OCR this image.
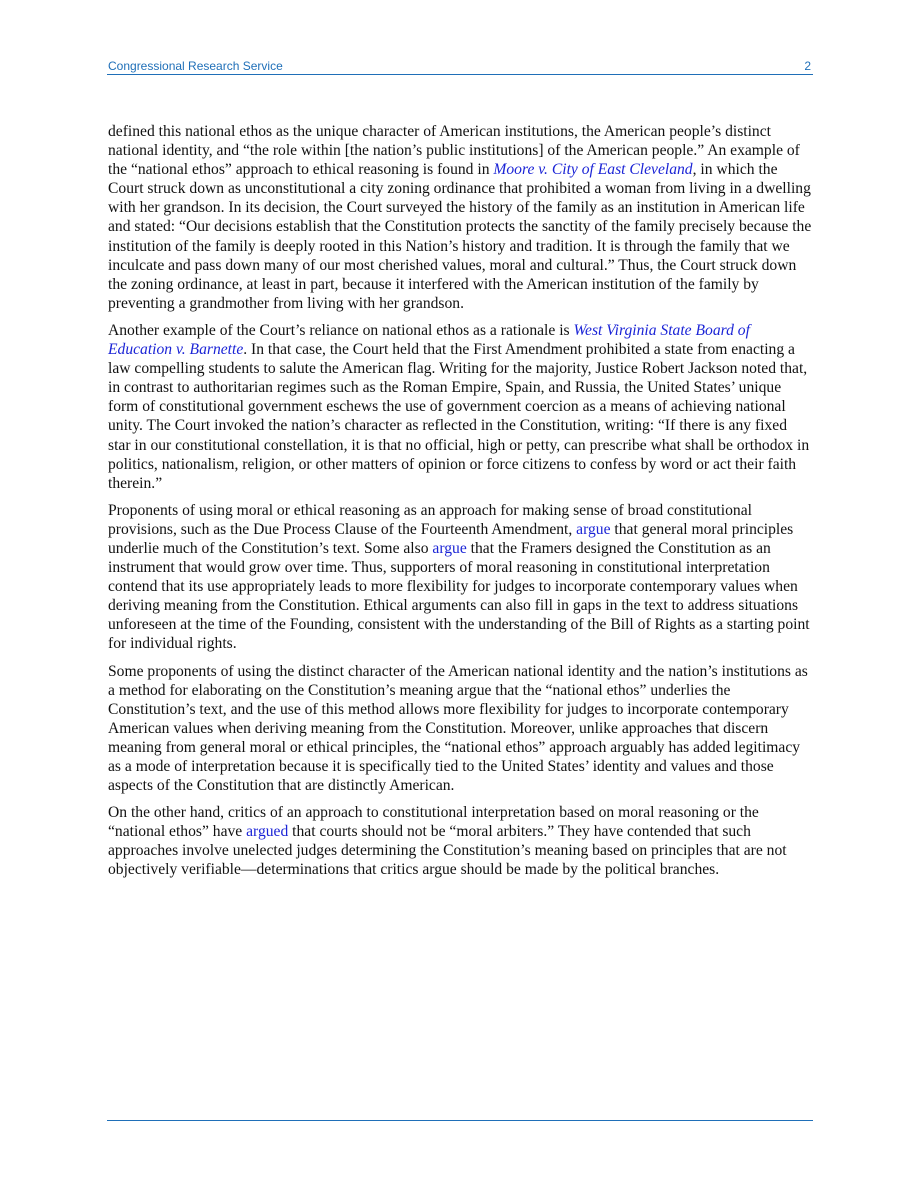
Congressional Research Service	2

defined this national ethos as the unique character of American institutions, the American people’s distinct national identity, and “the role within [the nation’s public institutions] of the American people.” An example of the “national ethos” approach to ethical reasoning is found in Moore v. City of East Cleveland, in which the Court struck down as unconstitutional a city zoning ordinance that prohibited a woman from living in a dwelling with her grandson. In its decision, the Court surveyed the history of the family as an institution in American life and stated: “Our decisions establish that the Constitution protects the sanctity of the family precisely because the institution of the family is deeply rooted in this Nation’s history and tradition. It is through the family that we inculcate and pass down many of our most cherished values, moral and cultural.” Thus, the Court struck down the zoning ordinance, at least in part, because it interfered with the American institution of the family by preventing a grandmother from living with her grandson.

Another example of the Court’s reliance on national ethos as a rationale is West Virginia State Board of Education v. Barnette. In that case, the Court held that the First Amendment prohibited a state from enacting a law compelling students to salute the American flag. Writing for the majority, Justice Robert Jackson noted that, in contrast to authoritarian regimes such as the Roman Empire, Spain, and Russia, the United States’ unique form of constitutional government eschews the use of government coercion as a means of achieving national unity. The Court invoked the nation’s character as reflected in the Constitution, writing: “If there is any fixed star in our constitutional constellation, it is that no official, high or petty, can prescribe what shall be orthodox in politics, nationalism, religion, or other matters of opinion or force citizens to confess by word or act their faith therein.”

Proponents of using moral or ethical reasoning as an approach for making sense of broad constitutional provisions, such as the Due Process Clause of the Fourteenth Amendment, argue that general moral principles underlie much of the Constitution’s text. Some also argue that the Framers designed the Constitution as an instrument that would grow over time. Thus, supporters of moral reasoning in constitutional interpretation contend that its use appropriately leads to more flexibility for judges to incorporate contemporary values when deriving meaning from the Constitution. Ethical arguments can also fill in gaps in the text to address situations unforeseen at the time of the Founding, consistent with the understanding of the Bill of Rights as a starting point for individual rights.

Some proponents of using the distinct character of the American national identity and the nation’s institutions as a method for elaborating on the Constitution’s meaning argue that the “national ethos” underlies the Constitution’s text, and the use of this method allows more flexibility for judges to incorporate contemporary American values when deriving meaning from the Constitution. Moreover, unlike approaches that discern meaning from general moral or ethical principles, the “national ethos” approach arguably has added legitimacy as a mode of interpretation because it is specifically tied to the United States’ identity and values and those aspects of the Constitution that are distinctly American.

On the other hand, critics of an approach to constitutional interpretation based on moral reasoning or the “national ethos” have argued that courts should not be “moral arbiters.” They have contended that such approaches involve unelected judges determining the Constitution’s meaning based on principles that are not objectively verifiable—determinations that critics argue should be made by the political branches.
